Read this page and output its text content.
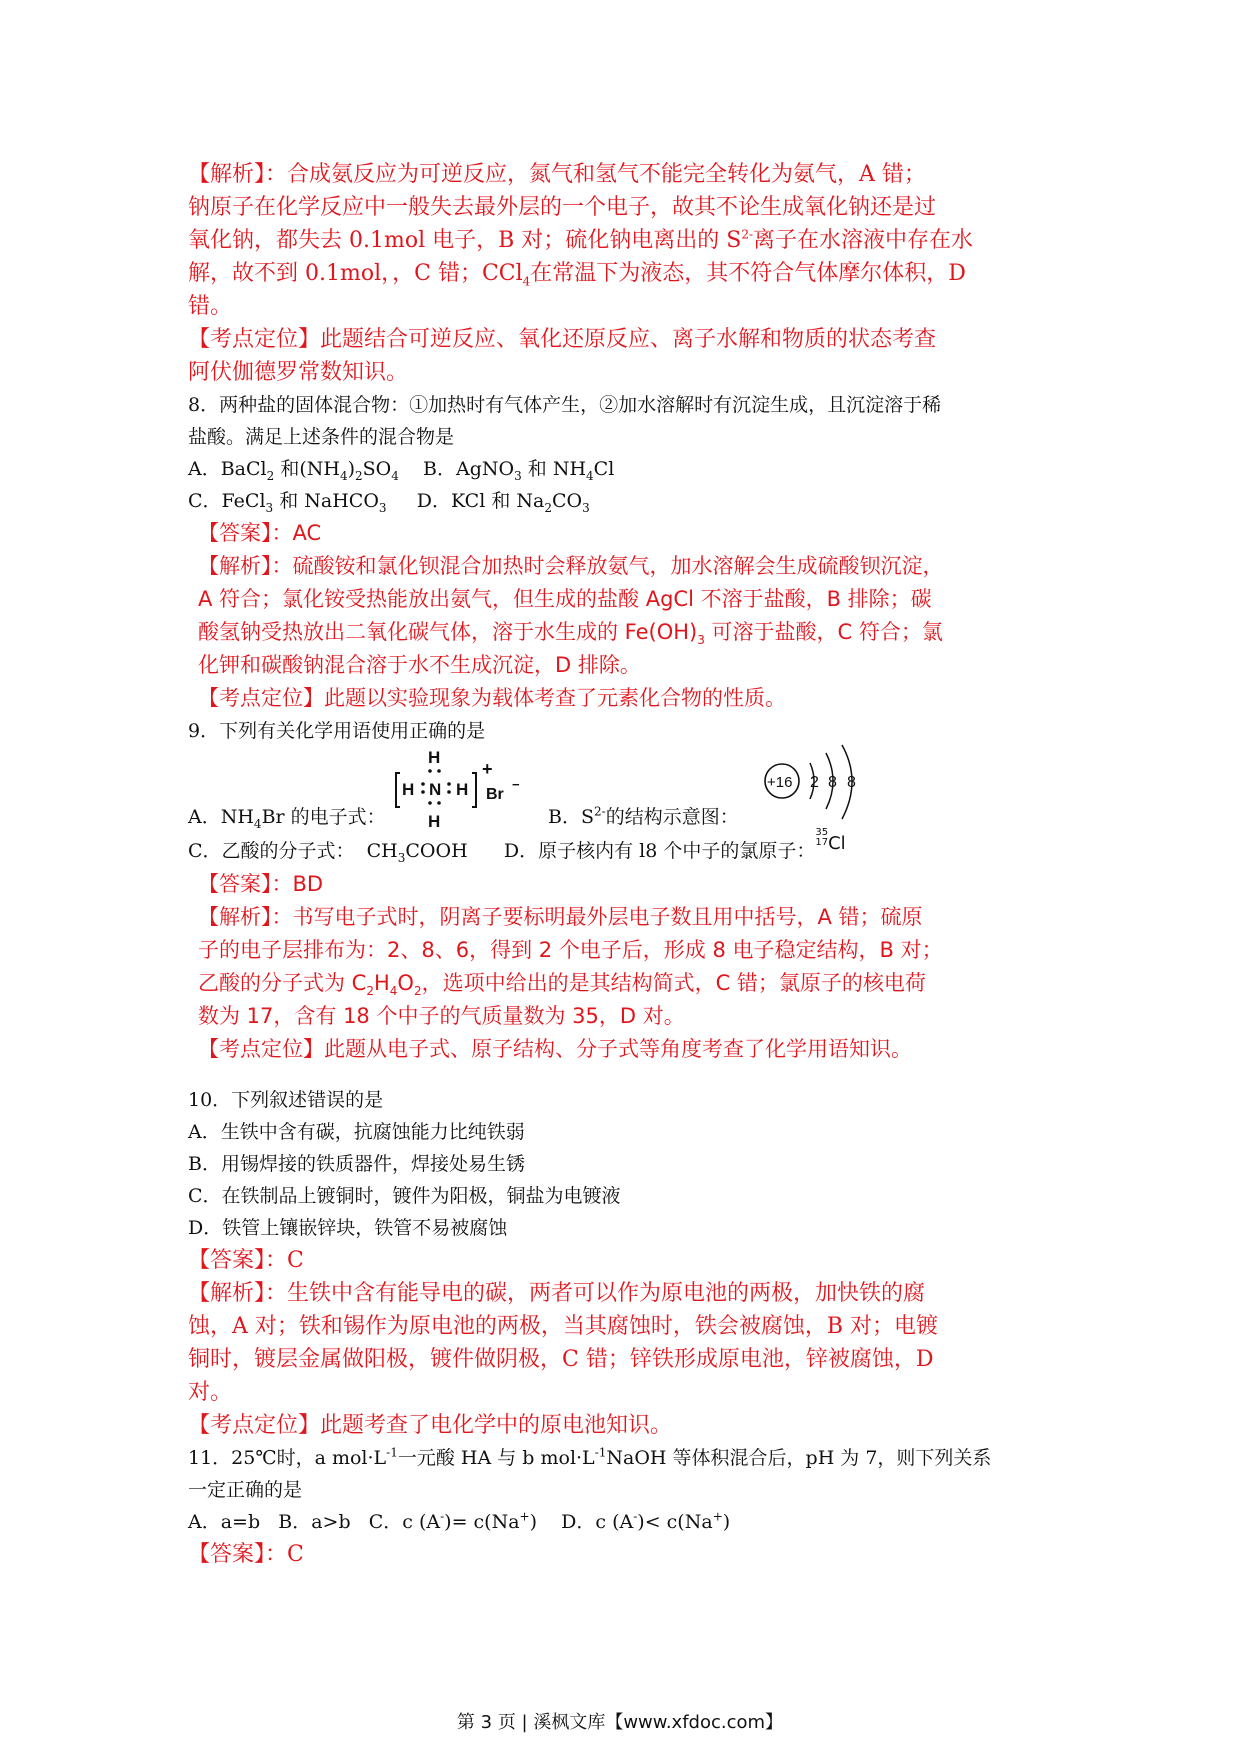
【解析】：合成氨反应为可逆反应，氮气和氢气不能完全转化为氨气，A 错；

钠原子在化学反应中一般失去最外层的一个电子，故其不论生成氧化钠还是过

氧化钠，都失去 0.1mol 电子，B 对；硫化钠电离出的 $S^{2-}$离子在水溶液中存在水

解，故不到 0.1mol，，C 错；CCl$_4$在常温下为液态，其不符合气体摩尔体积，D

错。

【考点定位】此题结合可逆反应、氧化还原反应、离子水解和物质的状态考查

阿伏伽德罗常数知识。

8．两种盐的固体混合物：①加热时有气体产生，②加水溶解时有沉淀生成，且沉淀溶于稀

盐酸。满足上述条件的混合物是

A．BaCl$_2$ 和$(NH_4)_2SO_4$    B．AgNO$_3$ 和 $NH_4Cl$

C．FeCl$_3$ 和 NaHCO$_3$     D．KCl 和 $Na_2CO_3$

【答案】：AC

【解析】：硫酸铵和氯化钡混合加热时会释放氨气，加水溶解会生成硫酸钡沉淀，

A 符合；氯化铵受热能放出氨气，但生成的盐酸 AgCl 不溶于盐酸，B 排除；碳

酸氢钠受热放出二氧化碳气体，溶于水生成的 $Fe(OH)_3$ 可溶于盐酸，C 符合；氯

化钾和碳酸钠混合溶于水不生成沉淀，D 排除。

【考点定位】此题以实验现象为载体考查了元素化合物的性质。

9．下列有关化学用语使用正确的是

H
H
H N H
+
Br
−	+16 2 8 8
A．$NH_4Br$ 的电子式：	B．$S^{2-}$的结构示意图：

C．乙酸的分子式：  $CH_3COOH$      D．原子核内有 l8 个中子的氯原子：35
17Cl

【答案】：BD

【解析】：书写电子式时，阴离子要标明最外层电子数且用中括号，A 错；硫原

子的电子层排布为：2、8、6，得到 2 个电子后，形成 8 电子稳定结构，B 对；

乙酸的分子式为 $C_2H_4O_2$，选项中给出的是其结构简式，C 错；氯原子的核电荷

数为 17，含有 18 个中子的气质量数为 35，D 对。

【考点定位】此题从电子式、原子结构、分子式等角度考查了化学用语知识。

10．下列叙述错误的是

A．生铁中含有碳，抗腐蚀能力比纯铁弱

B．用锡焊接的铁质器件，焊接处易生锈

C．在铁制品上镀铜时，镀件为阳极，铜盐为电镀液

D．铁管上镶嵌锌块，铁管不易被腐蚀

【答案】：C

【解析】：生铁中含有能导电的碳，两者可以作为原电池的两极，加快铁的腐

蚀，A 对；铁和锡作为原电池的两极，当其腐蚀时，铁会被腐蚀，B 对；电镀

铜时，镀层金属做阳极，镀件做阴极，C 错；锌铁形成原电池，锌被腐蚀，D

对。

【考点定位】此题考查了电化学中的原电池知识。

11．25℃时，a $mol\cdot L^{-1}$一元酸 HA 与 b $mol\cdot L^{-1}NaOH$ 等体积混合后，pH 为 7，则下列关系

一定正确的是

A．a=b   B．a>b   C．c (A-)= c(Na+)    D．c (A-)< c(Na+)

【答案】：C

第 3 页 | 溪枫文库【www.xfdoc.com】
